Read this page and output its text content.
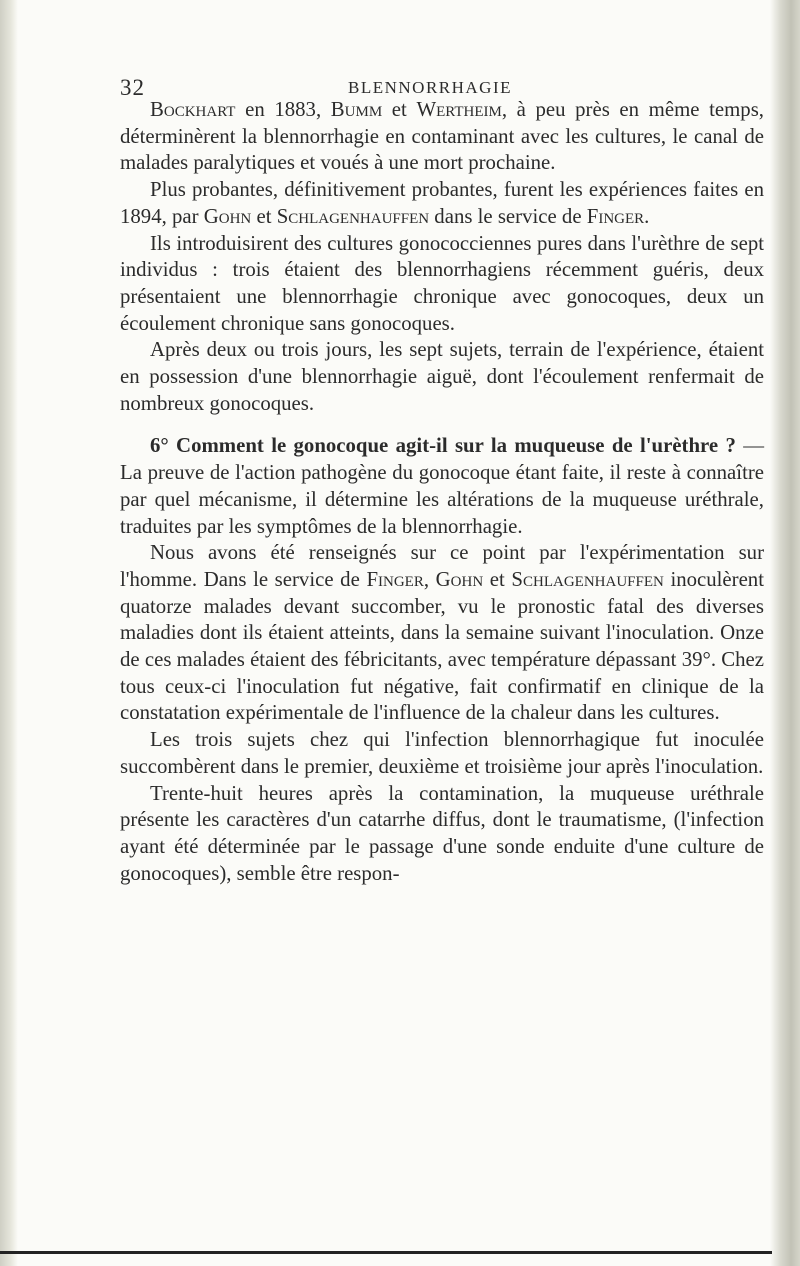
32	BLENNORRHAGIE

Bockhart en 1883, Bumm et Wertheim, à peu près en même temps, déterminèrent la blennorrhagie en contaminant avec les cultures, le canal de malades paralytiques et voués à une mort prochaine.

Plus probantes, définitivement probantes, furent les expériences faites en 1894, par Gohn et Schlagenhauffen dans le service de Finger.

Ils introduisirent des cultures gonococciennes pures dans l'urèthre de sept individus : trois étaient des blennorrhagiens récemment guéris, deux présentaient une blennorrhagie chronique avec gonocoques, deux un écoulement chronique sans gonocoques.

Après deux ou trois jours, les sept sujets, terrain de l'expérience, étaient en possession d'une blennorrhagie aiguë, dont l'écoulement renfermait de nombreux gonocoques.

6° Comment le gonocoque agit-il sur la muqueuse de l'urèthre ? — La preuve de l'action pathogène du gonocoque étant faite, il reste à connaître par quel mécanisme, il détermine les altérations de la muqueuse uréthrale, traduites par les symptômes de la blennorrhagie.

Nous avons été renseignés sur ce point par l'expérimentation sur l'homme. Dans le service de Finger, Gohn et Schlagenhauffen inoculèrent quatorze malades devant succomber, vu le pronostic fatal des diverses maladies dont ils étaient atteints, dans la semaine suivant l'inoculation. Onze de ces malades étaient des fébricitants, avec température dépassant 39°. Chez tous ceux-ci l'inoculation fut négative, fait confirmatif en clinique de la constatation expérimentale de l'influence de la chaleur dans les cultures.

Les trois sujets chez qui l'infection blennorrhagique fut inoculée succombèrent dans le premier, deuxième et troisième jour après l'inoculation.

Trente-huit heures après la contamination, la muqueuse uréthrale présente les caractères d'un catarrhe diffus, dont le traumatisme, (l'infection ayant été déterminée par le passage d'une sonde enduite d'une culture de gonocoques), semble être respon-
